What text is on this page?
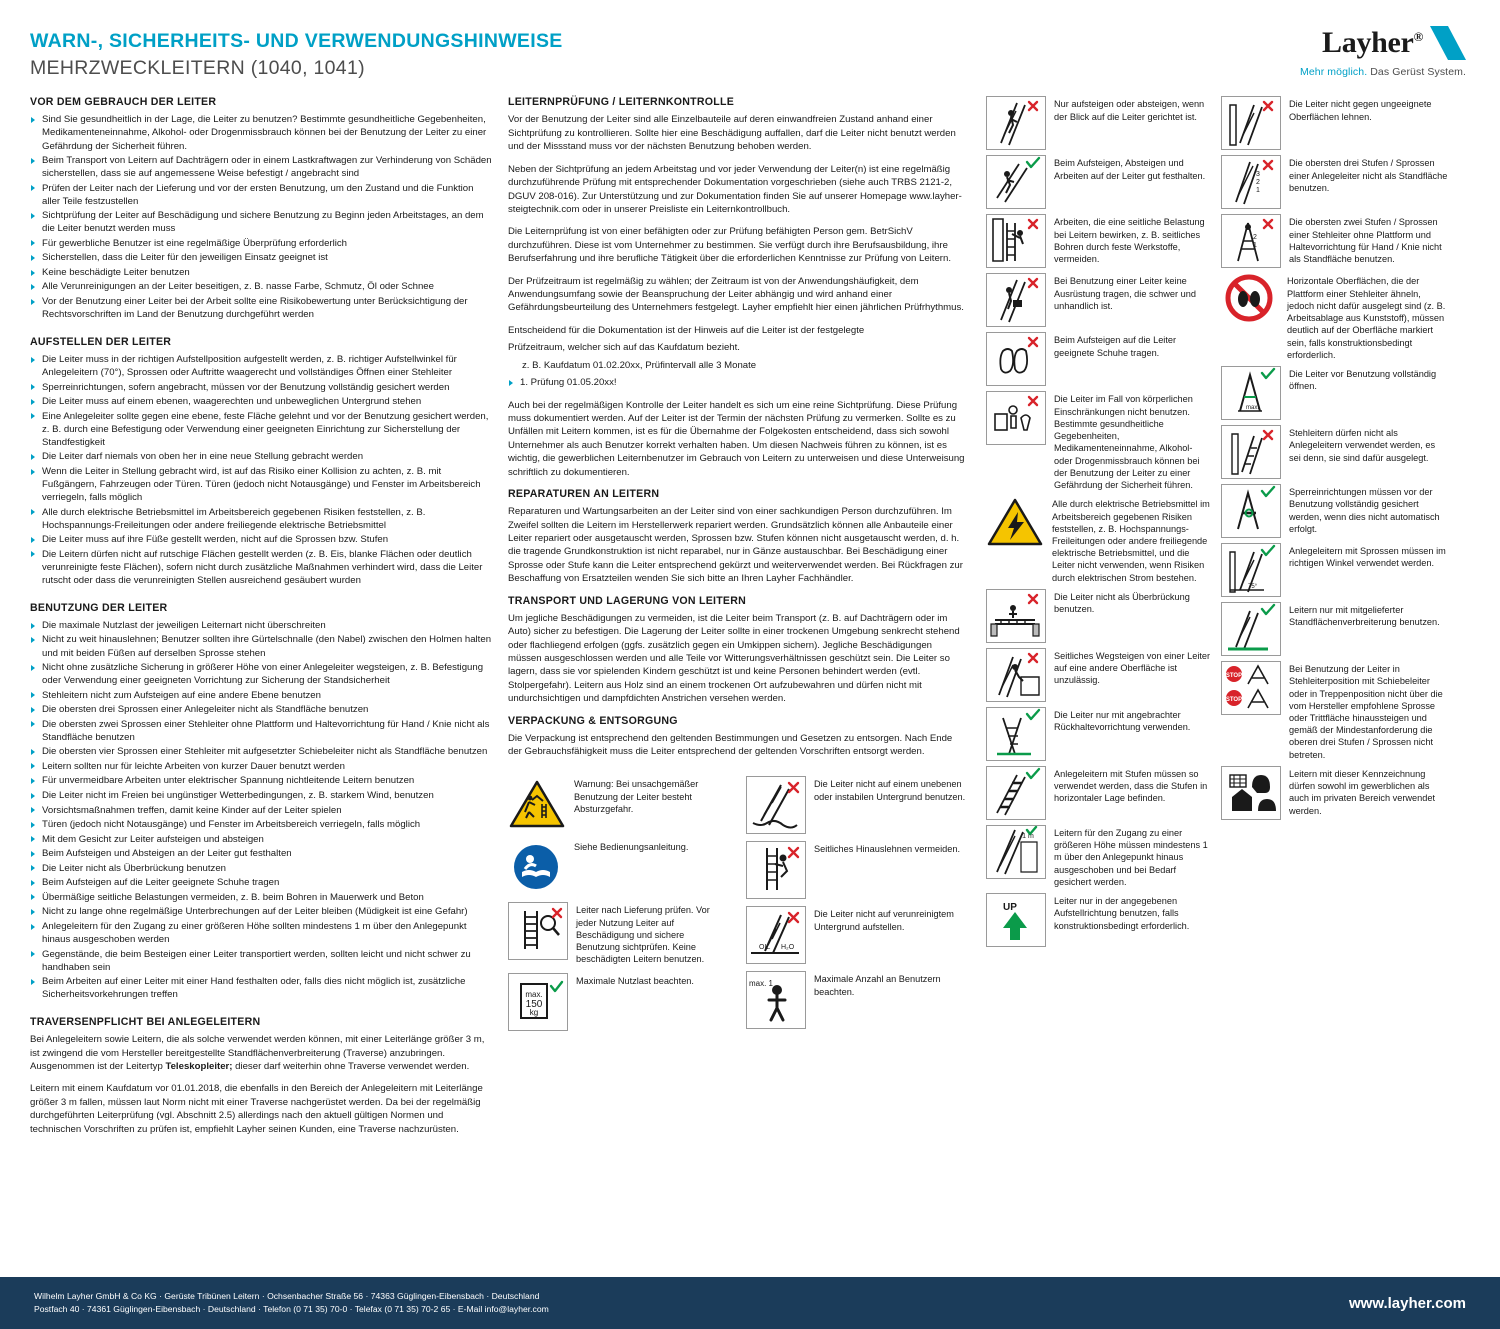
WARN-, SICHERHEITS- UND VERWENDUNGSHINWEISE
MEHRZWECKLEITERN (1040, 1041)
Layher®
Mehr möglich. Das Gerüst System.
VOR DEM GEBRAUCH DER LEITER
Sind Sie gesundheitlich in der Lage, die Leiter zu benutzen? Bestimmte gesundheitliche Gegebenheiten, Medikamenteneinnahme, Alkohol- oder Drogenmissbrauch können bei der Benutzung der Leiter zu einer Gefährdung der Sicherheit führen.
Beim Transport von Leitern auf Dachträgern oder in einem Lastkraftwagen zur Verhinderung von Schäden sicherstellen, dass sie auf angemessene Weise befestigt / angebracht sind
Prüfen der Leiter nach der Lieferung und vor der ersten Benutzung, um den Zustand und die Funktion aller Teile festzustellen
Sichtprüfung der Leiter auf Beschädigung und sichere Benutzung zu Beginn jeden Arbeitstages, an dem die Leiter benutzt werden muss
Für gewerbliche Benutzer ist eine regelmäßige Überprüfung erforderlich
Sicherstellen, dass die Leiter für den jeweiligen Einsatz geeignet ist
Keine beschädigte Leiter benutzen
Alle Verunreinigungen an der Leiter beseitigen, z. B. nasse Farbe, Schmutz, Öl oder Schnee
Vor der Benutzung einer Leiter bei der Arbeit sollte eine Risikobewertung unter Berücksichtigung der Rechtsvorschriften im Land der Benutzung durchgeführt werden
AUFSTELLEN DER LEITER
Die Leiter muss in der richtigen Aufstellposition aufgestellt werden, z. B. richtiger Aufstellwinkel für Anlegeleitern (70°), Sprossen oder Auftritte waagerecht und vollständiges Öffnen einer Stehleiter
Sperreinrichtungen, sofern angebracht, müssen vor der Benutzung vollständig gesichert werden
Die Leiter muss auf einem ebenen, waagerechten und unbeweglichen Untergrund stehen
Eine Anlegeleiter sollte gegen eine ebene, feste Fläche gelehnt und vor der Benutzung gesichert werden, z. B. durch eine Befestigung oder Verwendung einer geeigneten Einrichtung zur Sicherstellung der Standfestigkeit
Die Leiter darf niemals von oben her in eine neue Stellung gebracht werden
Wenn die Leiter in Stellung gebracht wird, ist auf das Risiko einer Kollision zu achten, z. B. mit Fußgängern, Fahrzeugen oder Türen. Türen (jedoch nicht Notausgänge) und Fenster im Arbeitsbereich verriegeln, falls möglich
Alle durch elektrische Betriebsmittel im Arbeitsbereich gegebenen Risiken feststellen, z. B. Hochspannungs-Freileitungen oder andere freiliegende elektrische Betriebsmittel
Die Leiter muss auf ihre Füße gestellt werden, nicht auf die Sprossen bzw. Stufen
Die Leitern dürfen nicht auf rutschige Flächen gestellt werden (z. B. Eis, blanke Flächen oder deutlich verunreinigte feste Flächen), sofern nicht durch zusätzliche Maßnahmen verhindert wird, dass die Leiter rutscht oder dass die verunreinigten Stellen ausreichend gesäubert wurden
BENUTZUNG DER LEITER
Die maximale Nutzlast der jeweiligen Leiternart nicht überschreiten
Nicht zu weit hinauslehnen; Benutzer sollten ihre Gürtelschnalle (den Nabel) zwischen den Holmen halten und mit beiden Füßen auf derselben Sprosse stehen
Nicht ohne zusätzliche Sicherung in größerer Höhe von einer Anlegeleiter wegsteigen, z. B. Befestigung oder Verwendung einer geeigneten Vorrichtung zur Sicherung der Standsicherheit
Stehleitern nicht zum Aufsteigen auf eine andere Ebene benutzen
Die obersten drei Sprossen einer Anlegeleiter nicht als Standfläche benutzen
Die obersten zwei Sprossen einer Stehleiter ohne Plattform und Haltevorrichtung für Hand / Knie nicht als Standfläche benutzen
Die obersten vier Sprossen einer Stehleiter mit aufgesetzter Schiebeleiter nicht als Standfläche benutzen
Leitern sollten nur für leichte Arbeiten von kurzer Dauer benutzt werden
Für unvermeidbare Arbeiten unter elektrischer Spannung nichtleitende Leitern benutzen
Die Leiter nicht im Freien bei ungünstiger Wetterbedingungen, z. B. starkem Wind, benutzen
Vorsichtsmaßnahmen treffen, damit keine Kinder auf der Leiter spielen
Türen (jedoch nicht Notausgänge) und Fenster im Arbeitsbereich verriegeln, falls möglich
Mit dem Gesicht zur Leiter aufsteigen und absteigen
Beim Aufsteigen und Absteigen an der Leiter gut festhalten
Die Leiter nicht als Überbrückung benutzen
Beim Aufsteigen auf die Leiter geeignete Schuhe tragen
Übermäßige seitliche Belastungen vermeiden, z. B. beim Bohren in Mauerwerk und Beton
Nicht zu lange ohne regelmäßige Unterbrechungen auf der Leiter bleiben (Müdigkeit ist eine Gefahr)
Anlegeleitern für den Zugang zu einer größeren Höhe sollten mindestens 1 m über den Anlegepunkt hinaus ausgeschoben werden
Gegenstände, die beim Besteigen einer Leiter transportiert werden, sollten leicht und nicht schwer zu handhaben sein
Beim Arbeiten auf einer Leiter mit einer Hand festhalten oder, falls dies nicht möglich ist, zusätzliche Sicherheitsvorkehrungen treffen
TRAVERSENPFLICHT BEI ANLEGELEITERN

Bei Anlegeleitern sowie Leitern, die als solche verwendet werden können, mit einer Leiterlänge größer 3 m, ist zwingend die vom Hersteller bereitgestellte Standflächenverbreiterung (Traverse) anzubringen. Ausgenommen ist der Leitertyp Teleskopleiter; dieser darf weiterhin ohne Traverse verwendet werden.

Leitern mit einem Kaufdatum vor 01.01.2018, die ebenfalls in den Bereich der Anlegeleitern mit Leiterlänge größer 3 m fallen, müssen laut Norm nicht mit einer Traverse nachgerüstet werden. Da bei der regelmäßig durchgeführten Leiterprüfung (vgl. Abschnitt 2.5) allerdings nach den aktuell gültigen Normen und technischen Vorschriften zu prüfen ist, empfiehlt Layher seinen Kunden, eine Traverse nachzurüsten.

LEITERNPRÜFUNG / LEITERNKONTROLLE

Vor der Benutzung der Leiter sind alle Einzelbauteile auf deren einwandfreien Zustand anhand einer Sichtprüfung zu kontrollieren. Sollte hier eine Beschädigung auffallen, darf die Leiter nicht benutzt werden und der Missstand muss vor der nächsten Benutzung behoben werden.

Neben der Sichtprüfung an jedem Arbeitstag und vor jeder Verwendung der Leiter(n) ist eine regelmäßig durchzuführende Prüfung mit entsprechender Dokumentation vorgeschrieben (siehe auch TRBS 2121-2, DGUV 208-016). Zur Unterstützung und zur Dokumentation finden Sie auf unserer Homepage www.layher-steigtechnik.com oder in unserer Preisliste ein Leiternkontrollbuch.

Die Leiternprüfung ist von einer befähigten oder zur Prüfung befähigten Person gem. BetrSichV durchzuführen. Diese ist vom Unternehmer zu bestimmen. Sie verfügt durch ihre Berufsausbildung, ihre Berufserfahrung und ihre berufliche Tätigkeit über die erforderlichen Kenntnisse zur Prüfung von Leitern.

Der Prüfzeitraum ist regelmäßig zu wählen; der Zeitraum ist von der Anwendungshäufigkeit, dem Anwendungsumfang sowie der Beanspruchung der Leiter abhängig und wird anhand einer Gefährdungsbeurteilung des Unternehmers festgelegt. Layher empfiehlt hier einen jährlichen Prüfrhythmus.

Entscheidend für die Dokumentation ist der Hinweis auf die Leiter ist der festgelegte

Prüfzeitraum, welcher sich auf das Kaufdatum bezieht.

z. B. Kaufdatum 01.02.20xx, Prüfintervall alle 3 Monate

1. Prüfung 01.05.20xx!

Auch bei der regelmäßigen Kontrolle der Leiter handelt es sich um eine reine Sichtprüfung. Diese Prüfung muss dokumentiert werden. Auf der Leiter ist der Termin der nächsten Prüfung zu vermerken. Sollte es zu Unfällen mit Leitern kommen, ist es für die Übernahme der Folgekosten entscheidend, dass sich sowohl Unternehmer als auch Benutzer korrekt verhalten haben. Um diesen Nachweis führen zu können, ist es wichtig, die gewerblichen Leiternbenutzer im Gebrauch von Leitern zu unterweisen und diese Unterweisung schriftlich zu dokumentieren.

REPARATUREN AN LEITERN

Reparaturen und Wartungsarbeiten an der Leiter sind von einer sachkundigen Person durchzuführen. Im Zweifel sollten die Leitern im Herstellerwerk repariert werden. Grundsätzlich können alle Anbauteile einer Leiter repariert oder ausgetauscht werden, Sprossen bzw. Stufen können nicht ausgetauscht werden, d. h. die tragende Grundkonstruktion ist nicht reparabel, nur in Gänze austauschbar. Bei Beschädigung einer Sprosse oder Stufe kann die Leiter entsprechend gekürzt und weiterverwendet werden. Bei Rückfragen zur Beschaffung von Ersatzteilen wenden Sie sich bitte an Ihren Layher Fachhändler.

TRANSPORT UND LAGERUNG VON LEITERN

Um jegliche Beschädigungen zu vermeiden, ist die Leiter beim Transport (z. B. auf Dachträgern oder im Auto) sicher zu befestigen. Die Lagerung der Leiter sollte in einer trockenen Umgebung senkrecht stehend oder flachliegend erfolgen (ggfs. zusätzlich gegen ein Umkippen sichern). Jegliche Beschädigungen müssen ausgeschlossen werden und alle Teile vor Witterungsverhältnissen geschützt sein. Die Leiter so lagern, dass sie vor spielenden Kindern geschützt ist und keine Personen behindert werden (evtl. Stolpergefahr). Leitern aus Holz sind an einem trockenen Ort aufzubewahren und dürfen nicht mit undurchsichtigen und dampfdichten Anstrichen versehen werden.

VERPACKUNG & ENTSORGUNG

Die Verpackung ist entsprechend den geltenden Bestimmungen und Gesetzen zu entsorgen. Nach Ende der Gebrauchsfähigkeit muss die Leiter entsprechend der geltenden Vorschriften entsorgt werden.

Warnung: Bei unsachgemäßer Benutzung der Leiter besteht Absturzgefahr.
Siehe Bedienungsanleitung.
Leiter nach Lieferung prüfen. Vor jeder Nutzung Leiter auf Beschädigung und sichere Benutzung sichtprüfen. Keine beschädigten Leitern benutzen.
max.
150
kg
Maximale Nutzlast beachten.
Die Leiter nicht auf einem unebenen oder instabilen Untergrund benutzen.
Seitliches Hinauslehnen vermeiden.
OIL H₂O
Die Leiter nicht auf verunreinigtem Untergrund aufstellen.
max. 1	Maximale Anzahl an Benutzern beachten.
Nur aufsteigen oder absteigen, wenn der Blick auf die Leiter gerichtet ist.
Beim Aufsteigen, Absteigen und Arbeiten auf der Leiter gut festhalten.
Arbeiten, die eine seitliche Belastung bei Leitern bewirken, z. B. seitliches Bohren durch feste Werkstoffe, vermeiden.
Bei Benutzung einer Leiter keine Ausrüstung tragen, die schwer und unhandlich ist.
Beim Aufsteigen auf die Leiter geeignete Schuhe tragen.
Die Leiter im Fall von körperlichen Einschränkungen nicht benutzen. Bestimmte gesundheitliche Gegebenheiten, Medikamenteneinnahme, Alkohol- oder Drogenmissbrauch können bei der Benutzung der Leiter zu einer Gefährdung der Sicherheit führen.
Alle durch elektrische Betriebsmittel im Arbeitsbereich gegebenen Risiken feststellen, z. B. Hochspannungs-Freileitungen oder andere freiliegende elektrische Betriebsmittel, und die Leiter nicht verwenden, wenn Risiken durch elektrischen Strom bestehen.
Die Leiter nicht als Überbrückung benutzen.
Seitliches Wegsteigen von einer Leiter auf eine andere Oberfläche ist unzulässig.
Die Leiter nur mit angebrachter Rückhaltevorrichtung verwenden.
Anlegeleitern mit Stufen müssen so verwendet werden, dass die Stufen in horizontaler Lage befinden.
1 m Leitern für den Zugang zu einer größeren Höhe müssen mindestens 1 m über den Anlegepunkt hinaus ausgeschoben und bei Bedarf gesichert werden.
UP
Leiter nur in der angegebenen Aufstellrichtung benutzen, falls konstruktionsbedingt erforderlich.
Die Leiter nicht gegen ungeeignete Oberflächen lehnen.
3
2
1
Die obersten drei Stufen / Sprossen einer Anlegeleiter nicht als Standfläche benutzen.
2
1
Die obersten zwei Stufen / Sprossen einer Stehleiter ohne Plattform und Haltevorrichtung für Hand / Knie nicht als Standfläche benutzen.
Horizontale Oberflächen, die der Plattform einer Stehleiter ähneln, jedoch nicht dafür ausgelegt sind (z. B. Arbeitsablage aus Kunststoff), müssen deutlich auf der Oberfläche markiert sein, falls konstruktionsbedingt erforderlich.
max.
Die Leiter vor Benutzung vollständig öffnen.
Stehleitern dürfen nicht als Anlegeleitern verwendet werden, es sei denn, sie sind dafür ausgelegt.
Sperreinrichtungen müssen vor der Benutzung vollständig gesichert werden, wenn dies nicht automatisch erfolgt.
75°
Anlegeleitern mit Sprossen müssen im richtigen Winkel verwendet werden.
Leitern nur mit mitgelieferter Standflächenverbreiterung benutzen.
STOP
STOP
Bei Benutzung der Leiter in Stehleiterposition mit Schiebeleiter oder in Treppenposition nicht über die vom Hersteller empfohlene Sprosse oder Trittfläche hinaussteigen und gemäß der Mindestanforderung die oberen drei Stufen / Sprossen nicht betreten.
Leitern mit dieser Kennzeichnung dürfen sowohl im gewerblichen als auch im privaten Bereich verwendet werden.
Wilhelm Layher GmbH & Co KG · Gerüste Tribünen Leitern · Ochsenbacher Straße 56 · 74363 Güglingen-Eibensbach · Deutschland
Postfach 40 · 74361 Güglingen-Eibensbach · Deutschland · Telefon (0 71 35) 70-0 · Telefax (0 71 35) 70-2 65 · E-Mail info@layher.com	www.layher.com
